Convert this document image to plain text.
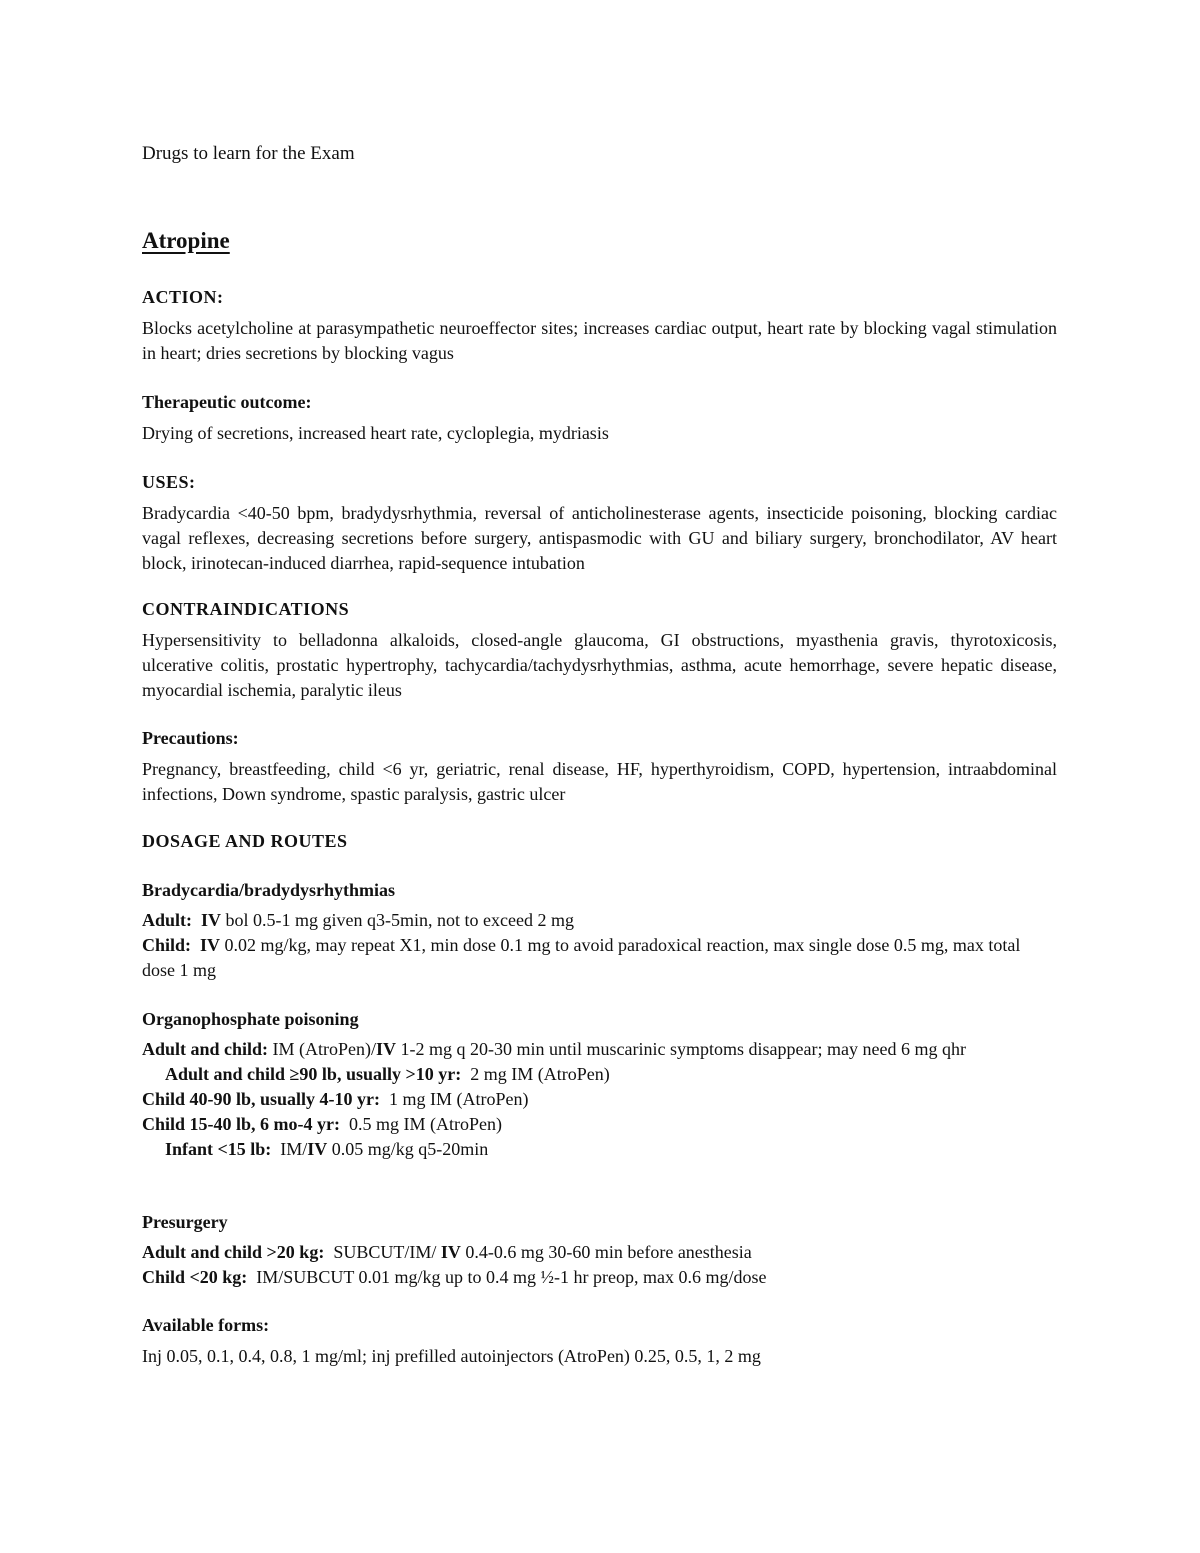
Drugs to learn for the Exam
Atropine
ACTION:
Blocks acetylcholine at parasympathetic neuroeffector sites; increases cardiac output, heart rate by blocking vagal stimulation in heart; dries secretions by blocking vagus
Therapeutic outcome:
Drying of secretions, increased heart rate, cycloplegia, mydriasis
USES:
Bradycardia <40-50 bpm, bradydysrhythmia, reversal of anticholinesterase agents, insecticide poisoning, blocking cardiac vagal reflexes, decreasing secretions before surgery, antispasmodic with GU and biliary surgery, bronchodilator, AV heart block, irinotecan-induced diarrhea, rapid-sequence intubation
CONTRAINDICATIONS
Hypersensitivity to belladonna alkaloids, closed-angle glaucoma, GI obstructions, myasthenia gravis, thyrotoxicosis, ulcerative colitis, prostatic hypertrophy, tachycardia/tachydysrhythmias, asthma, acute hemorrhage, severe hepatic disease, myocardial ischemia, paralytic ileus
Precautions:
Pregnancy, breastfeeding, child <6 yr, geriatric, renal disease, HF, hyperthyroidism, COPD, hypertension, intraabdominal infections, Down syndrome, spastic paralysis, gastric ulcer
DOSAGE AND ROUTES
Bradycardia/bradydysrhythmias
Adult: IV bol 0.5-1 mg given q3-5min, not to exceed 2 mg
Child: IV 0.02 mg/kg, may repeat X1, min dose 0.1 mg to avoid paradoxical reaction, max single dose 0.5 mg, max total dose 1 mg
Organophosphate poisoning
Adult and child: IM (AtroPen)/IV 1-2 mg q 20-30 min until muscarinic symptoms disappear; may need 6 mg qhr
Adult and child ≥90 lb, usually >10 yr:  2 mg IM (AtroPen)
Child 40-90 lb, usually 4-10 yr:  1 mg IM (AtroPen)
Child 15-40 lb, 6 mo-4 yr:  0.5 mg IM (AtroPen)
Infant <15 lb:  IM/IV 0.05 mg/kg q5-20min
Presurgery
Adult and child >20 kg:  SUBCUT/IM/ IV 0.4-0.6 mg 30-60 min before anesthesia
Child <20 kg:  IM/SUBCUT 0.01 mg/kg up to 0.4 mg ½-1 hr preop, max 0.6 mg/dose
Available forms:
Inj 0.05, 0.1, 0.4, 0.8, 1 mg/ml; inj prefilled autoinjectors (AtroPen) 0.25, 0.5, 1, 2 mg
